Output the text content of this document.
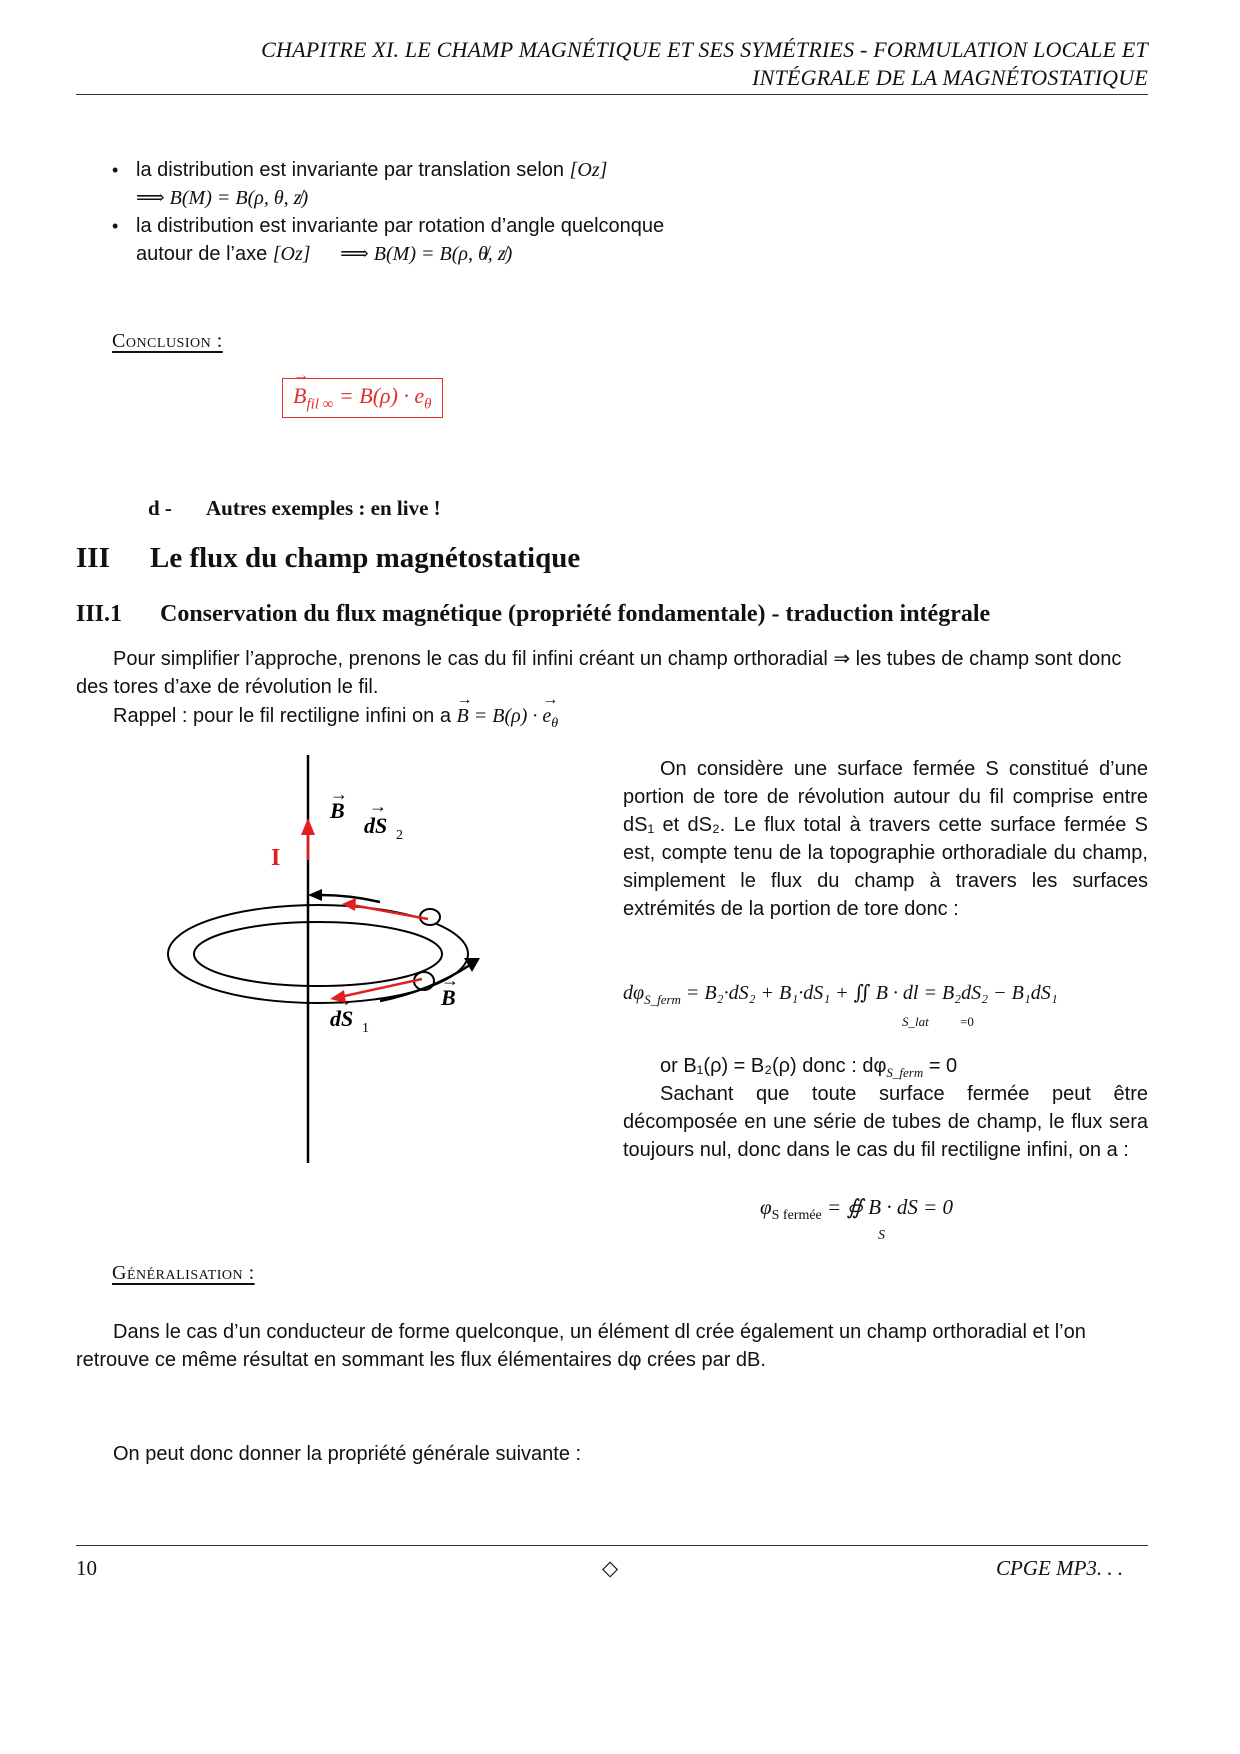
CHAPITRE XI. LE CHAMP MAGNÉTIQUE ET SES SYMÉTRIES - FORMULATION LOCALE ET
INTÉGRALE DE LA MAGNÉTOSTATIQUE
• la distribution est invariante par translation selon [Oz]
⟹ B(M) = B(ρ, θ, z̸)
• la distribution est invariante par rotation d’angle quelconque
autour de l’axe [Oz] ⟹ B(M) = B(ρ, θ̸, z̸)
Conclusion :
→ $B_{fil \infty} = B(\rho) \cdot e_\theta$
d - Autres exemples : en live !
III Le flux du champ magnétostatique
III.1 Conservation du flux magnétique (propriété fondamentale) - traduction intégrale
Pour simplifier l’approche, prenons le cas du fil infini créant un champ orthoradial ⇒ les tubes de champ sont donc des tores d’axe de révolution le fil.
Rappel : pour le fil rectiligne infini on a → B = B(ρ) · → $e_\theta$
I
→
B →
dS 2
→
B
→
dS 1
On considère une surface fermée S constitué d’une portion de tore de révolution autour du fil comprise entre dS₁ et dS₂. Le flux total à travers cette surface fermée S est, compte tenu de la topographie orthoradiale du champ, simplement le flux du champ à travers les surfaces extrémités de la portion de tore donc :
$d\varphi_{S\_ferm} = B_2\cdot dS_2 + B_1\cdot dS_1$ + ∬ B · dl = B₂dS₂ − B₁dS₁
S_lat =0
or B₁(ρ) = B₂(ρ) donc : $d\varphi_{S\_ferm} = 0$
Sachant que toute surface fermée peut être décomposée en une série de tubes de champ, le flux sera toujours nul, donc dans le cas du fil rectiligne infini, on a :
$\varphi_{S fermée}$ = ∯ B · dS = 0
S
Généralisation :
Dans le cas d’un conducteur de forme quelconque, un élément dl crée également un champ orthoradial et l’on retrouve ce même résultat en sommant les flux élémentaires dφ crées par dB.
On peut donc donner la propriété générale suivante :
10	◇	CPGE MP3. . .
